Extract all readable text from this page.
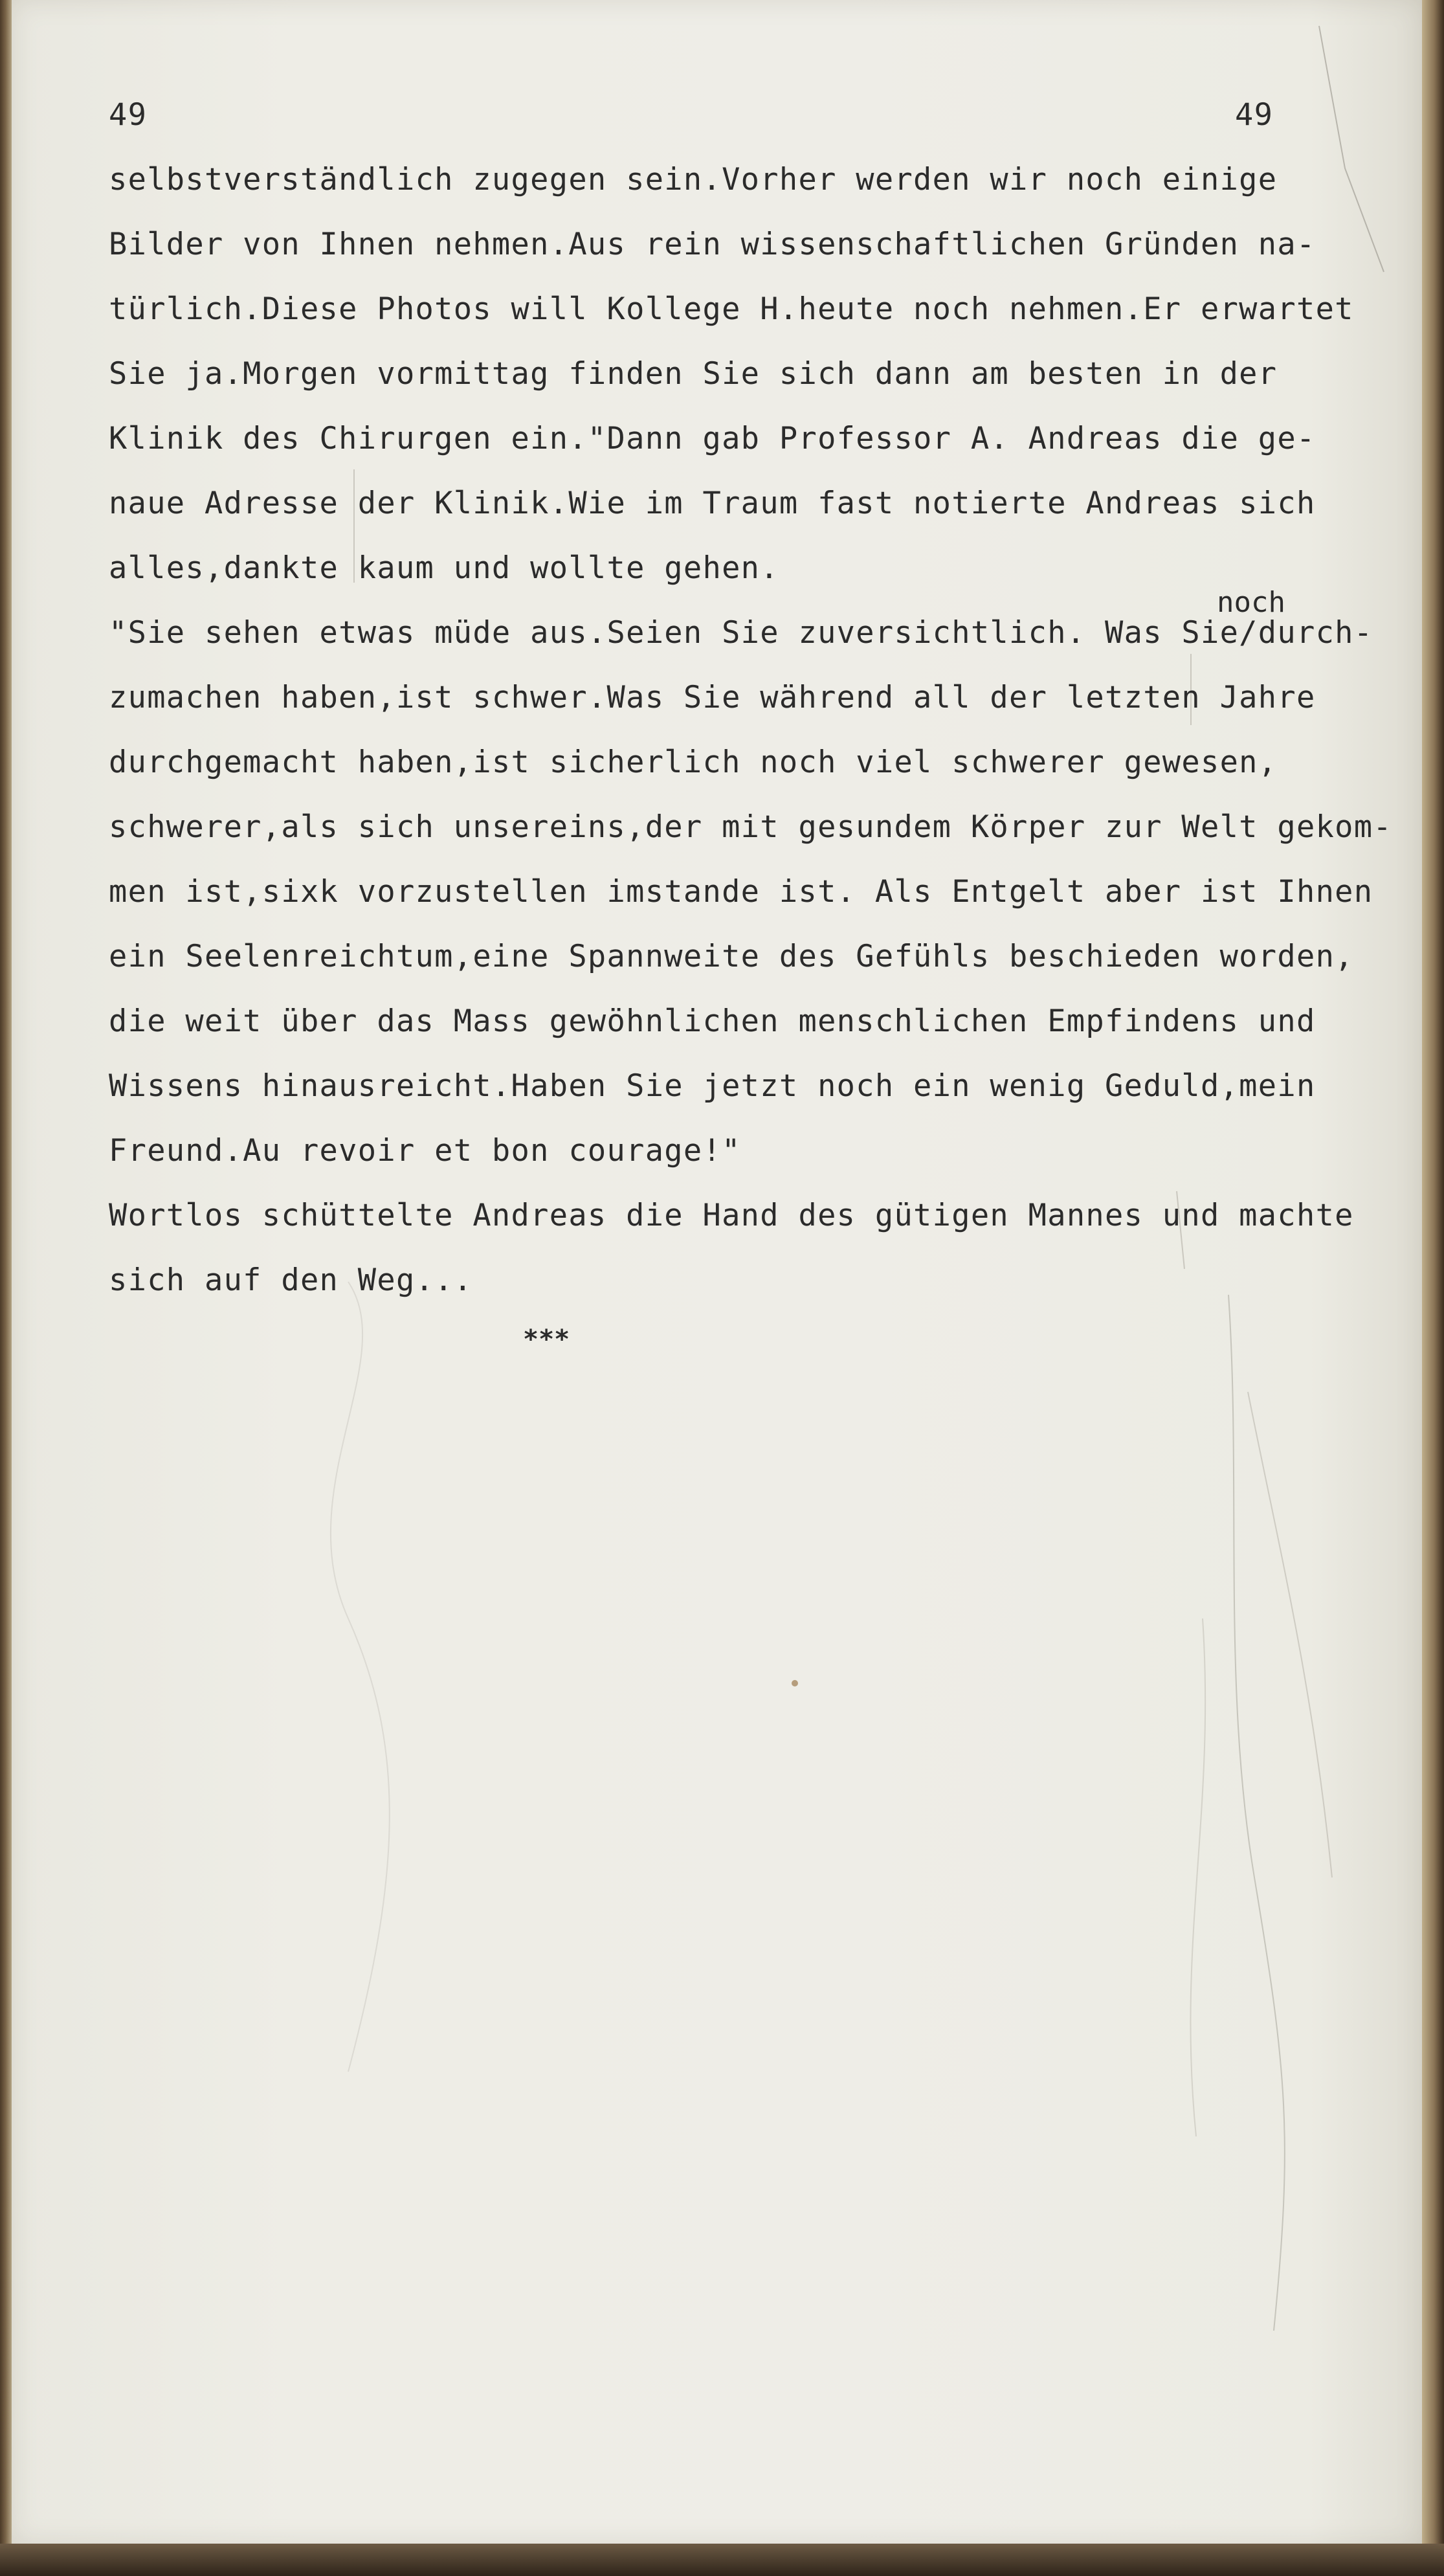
49	49
selbstverständlich zugegen sein.Vorher werden wir noch einige
Bilder von Ihnen nehmen.Aus rein wissenschaftlichen Gründen na-
türlich.Diese Photos will Kollege H.heute noch nehmen.Er erwartet
Sie ja.Morgen vormittag finden Sie sich dann am besten in der
Klinik des Chirurgen ein."Dann gab Professor A. Andreas die ge-
naue Adresse der Klinik.Wie im Traum fast notierte Andreas sich
alles,dankte kaum und wollte gehen.
noch
"Sie sehen etwas müde aus.Seien Sie zuversichtlich. Was Sie/durch-
zumachen haben,ist schwer.Was Sie während all der letzten Jahre
durchgemacht haben,ist sicherlich noch viel schwerer gewesen,
schwerer,als sich unsereins,der mit gesundem Körper zur Welt gekom-
men ist,sixk vorzustellen imstande ist. Als Entgelt aber ist Ihnen
ein Seelenreichtum,eine Spannweite des Gefühls beschieden worden,
die weit über das Mass gewöhnlichen menschlichen Empfindens und
Wissens hinausreicht.Haben Sie jetzt noch ein wenig Geduld,mein
Freund.Au revoir et bon courage!"
Wortlos schüttelte Andreas die Hand des gütigen Mannes und machte
sich auf den Weg...
***
